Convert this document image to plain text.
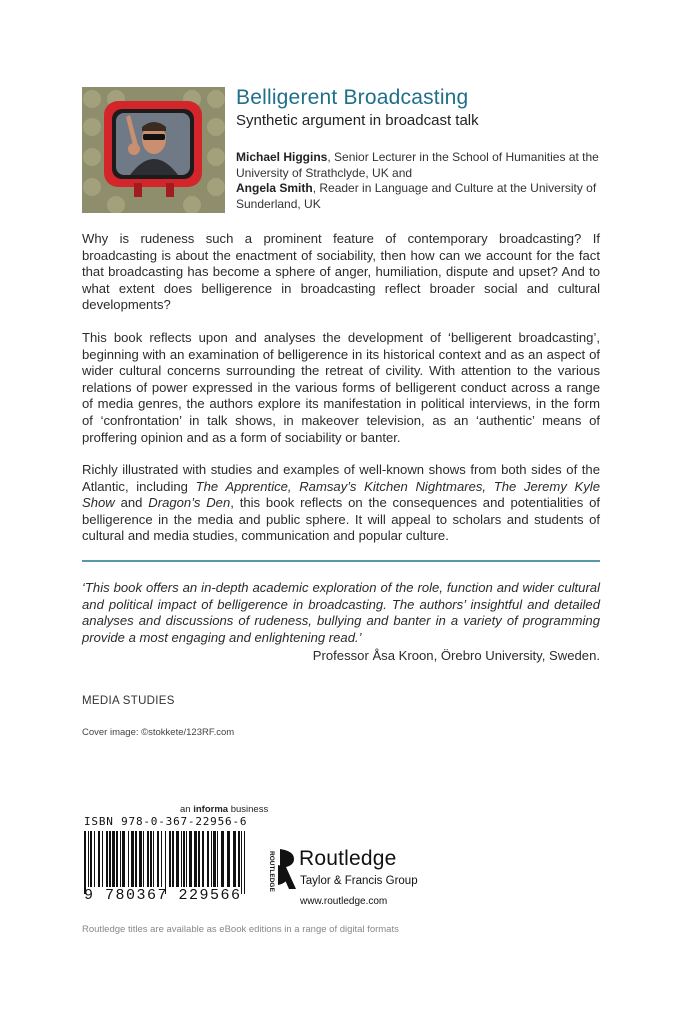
Belligerent Broadcasting
Synthetic argument in broadcast talk
Michael Higgins, Senior Lecturer in the School of Humanities at the University of Strathclyde, UK and
Angela Smith, Reader in Language and Culture at the University of Sunderland, UK
Why is rudeness such a prominent feature of contemporary broadcasting? If broadcasting is about the enactment of sociability, then how can we account for the fact that broadcasting has become a sphere of anger, humiliation, dispute and upset? And to what extent does belligerence in broadcasting reflect broader social and cultural developments?
This book reflects upon and analyses the development of ‘belligerent broadcasting’, beginning with an examination of belligerence in its historical context and as an aspect of wider cultural concerns surrounding the retreat of civility. With attention to the various relations of power expressed in the various forms of belligerent conduct across a range of media genres, the authors explore its manifestation in political interviews, in the form of ‘confrontation’ in talk shows, in makeover television, as an ‘authentic’ means of proffering opinion and as a form of sociability or banter.
Richly illustrated with studies and examples of well-known shows from both sides of the Atlantic, including The Apprentice, Ramsay’s Kitchen Nightmares, The Jeremy Kyle Show and Dragon’s Den, this book reflects on the consequences and potentialities of belligerence in the media and public sphere. It will appeal to scholars and students of cultural and media studies, communication and popular culture.
‘This book offers an in-depth academic exploration of the role, function and wider cultural and political impact of belligerence in broadcasting. The authors’ insightful and detailed analyses and discussions of rudeness, bullying and banter in a variety of programming provide a most engaging and enlightening read.’
Professor Åsa Kroon, Örebro University, Sweden.
MEDIA STUDIES
Cover image: ©stokkete/123RF.com
an informa business
ISBN 978-0-367-22956-6
9 780367 229566
ROUTLEDGE Routledge
Taylor & Francis Group
www.routledge.com
Routledge titles are available as eBook editions in a range of digital formats
